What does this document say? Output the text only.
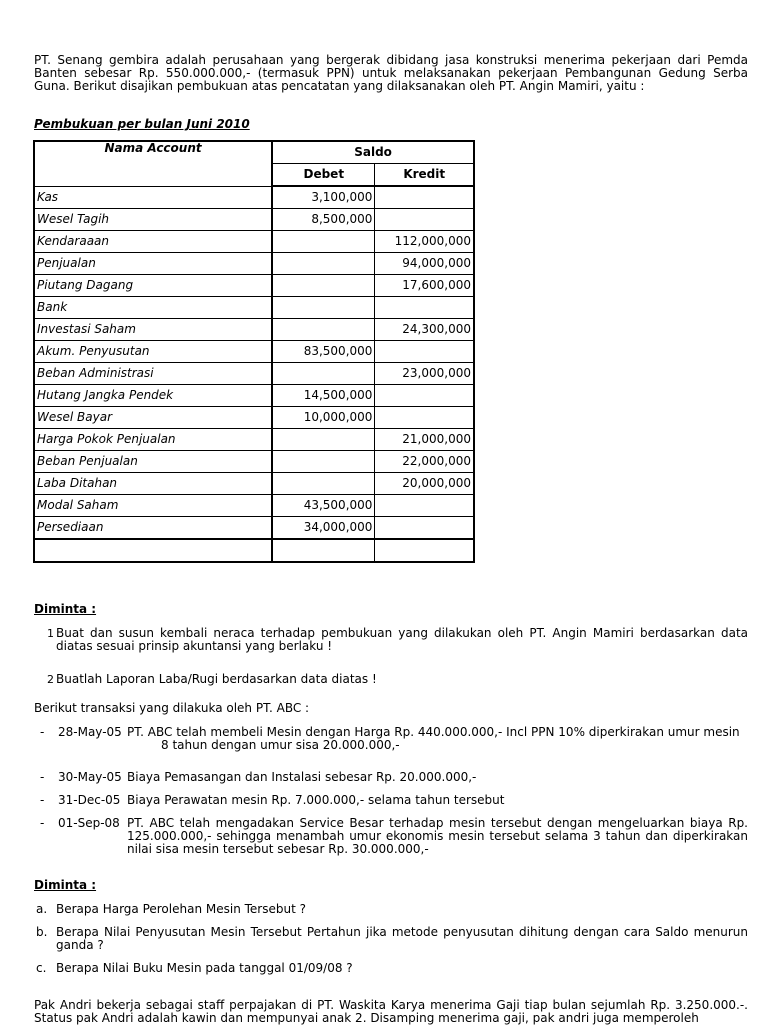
PT. Senang gembira adalah perusahaan yang bergerak dibidang jasa konstruksi menerima pekerjaan dari Pemda Banten sebesar Rp. 550.000.000,- (termasuk PPN) untuk melaksanakan pekerjaan Pembangunan Gedung Serba Guna. Berikut disajikan pembukuan atas pencatatan yang dilaksanakan oleh PT. Angin Mamiri, yaitu :

Pembukuan per bulan Juni 2010
Nama Account	Saldo	
	Debet	Kredit
Kas	3,100,000	
Wesel Tagih	8,500,000	
Kendaraaan		112,000,000
Penjualan		94,000,000
Piutang Dagang		17,600,000
Bank		
Investasi Saham		24,300,000
Akum. Penyusutan	83,500,000	
Beban Administrasi		23,000,000
Hutang Jangka Pendek	14,500,000	
Wesel Bayar	10,000,000	
Harga Pokok Penjualan		21,000,000
Beban Penjualan		22,000,000
Laba Ditahan		20,000,000
Modal Saham	43,500,000	
Persediaan	34,000,000	

Diminta :
1 Buat dan susun kembali neraca terhadap pembukuan yang dilakukan oleh PT. Angin Mamiri berdasarkan data diatas sesuai prinsip akuntansi yang berlaku !
2 Buatlah Laporan Laba/Rugi berdasarkan data diatas !
Berikut transaksi yang dilakuka oleh PT. ABC :
- 28-May-05 PT. ABC telah membeli Mesin dengan Harga Rp. 440.000.000,- Incl PPN 10% diperkirakan umur mesin
8 tahun dengan umur sisa 20.000.000,-
- 30-May-05 Biaya Pemasangan dan Instalasi sebesar Rp. 20.000.000,-
- 31-Dec-05 Biaya Perawatan mesin Rp. 7.000.000,- selama tahun tersebut
- 01-Sep-08 PT. ABC telah mengadakan Service Besar terhadap mesin tersebut dengan mengeluarkan biaya Rp. 125.000.000,- sehingga menambah umur ekonomis mesin tersebut selama 3 tahun dan diperkirakan nilai sisa mesin tersebut sebesar Rp. 30.000.000,-
Diminta :
a. Berapa Harga Perolehan Mesin Tersebut ?
b. Berapa Nilai Penyusutan Mesin Tersebut Pertahun jika metode penyusutan dihitung dengan cara Saldo menurun ganda ?
c. Berapa Nilai Buku Mesin pada tanggal 01/09/08 ?

Pak Andri bekerja sebagai staff perpajakan di PT. Waskita Karya menerima Gaji tiap bulan sejumlah Rp. 3.250.000.-. Status pak Andri adalah kawin dan mempunyai anak 2. Disamping menerima gaji, pak andri juga memperoleh
